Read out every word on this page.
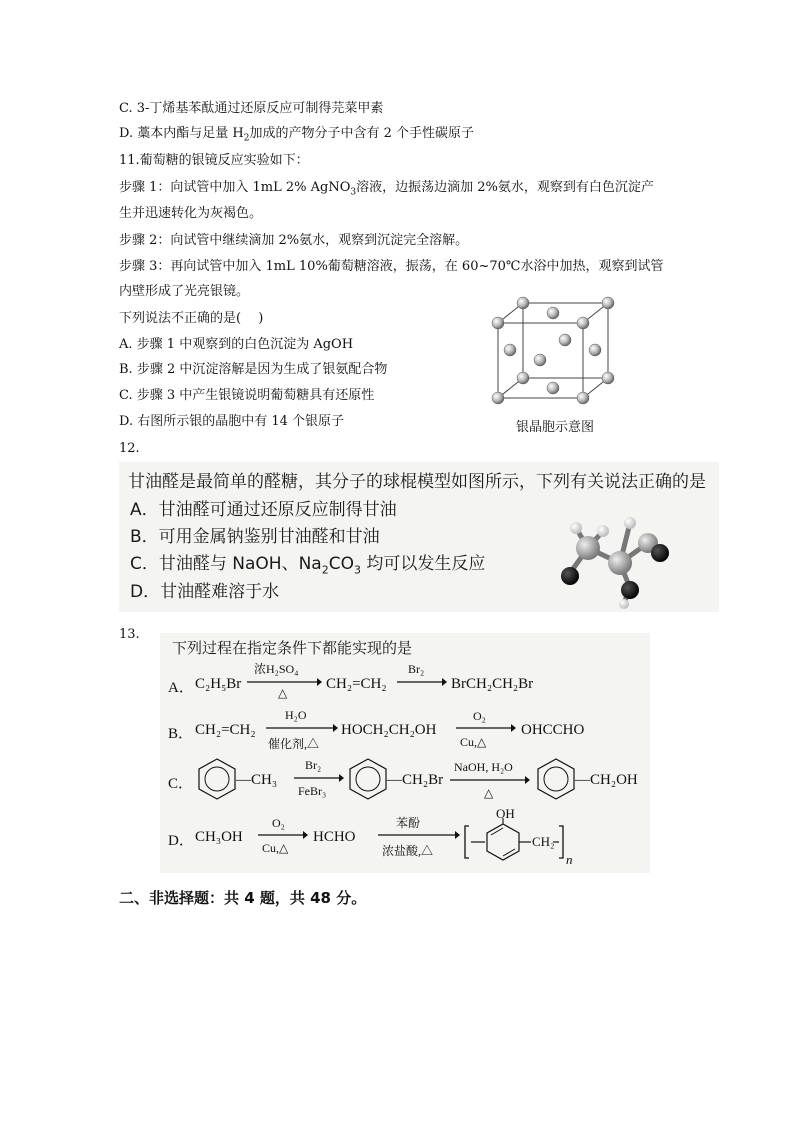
C. 3-丁烯基苯酞通过还原反应可制得芫菜甲素
D. 藁本内酯与足量 $H_2$加成的产物分子中含有 2 个手性碳原子
11.葡萄糖的银镜反应实验如下：
步骤 1：向试管中加入 1mL 2% AgNO$_3$溶液，边振荡边滴加 2%氨水，观察到有白色沉淀产
生并迅速转化为灰褐色。
步骤 2：向试管中继续滴加 2%氨水，观察到沉淀完全溶解。
步骤 3：再向试管中加入 1mL 10%葡萄糖溶液，振荡，在 60~70℃水浴中加热，观察到试管
内壁形成了光亮银镜。
下列说法不正确的是(　 )
A. 步骤 1 中观察到的白色沉淀为 AgOH
B. 步骤 2 中沉淀溶解是因为生成了银氨配合物
C. 步骤 3 中产生银镜说明葡萄糖具有还原性
D. 右图所示银的晶胞中有 14 个银原子	银晶胞示意图
12.
甘油醛是最简单的醛糖，其分子的球棍模型如图所示，下列有关说法正确的是
A．甘油醛可通过还原反应制得甘油
B．可用金属钠鉴别甘油醛和甘油
C．甘油醛与 NaOH、$Na_2CO_3$ 均可以发生反应
D．甘油醛难溶于水
13.
下列过程在指定条件下都能实现的是
A． C₂H₅Br
浓H₂SO₄
△
CH₂=CH₂
Br₂
BrCH₂CH₂Br
B． CH₂=CH₂
H₂O
催化剂,△
HOCH₂CH₂OH
O₂
Cu,△
OHCCHO
C．	—CH₃
Br₂
FeBr₃
—CH₂Br
NaOH, H₂O
△
—CH₂OH
D． CH₃OH
O₂
Cu,△
HCHO
苯酚
浓盐酸,△
OH
CH₂
n
二、非选择题：共 4 题，共 48 分。
